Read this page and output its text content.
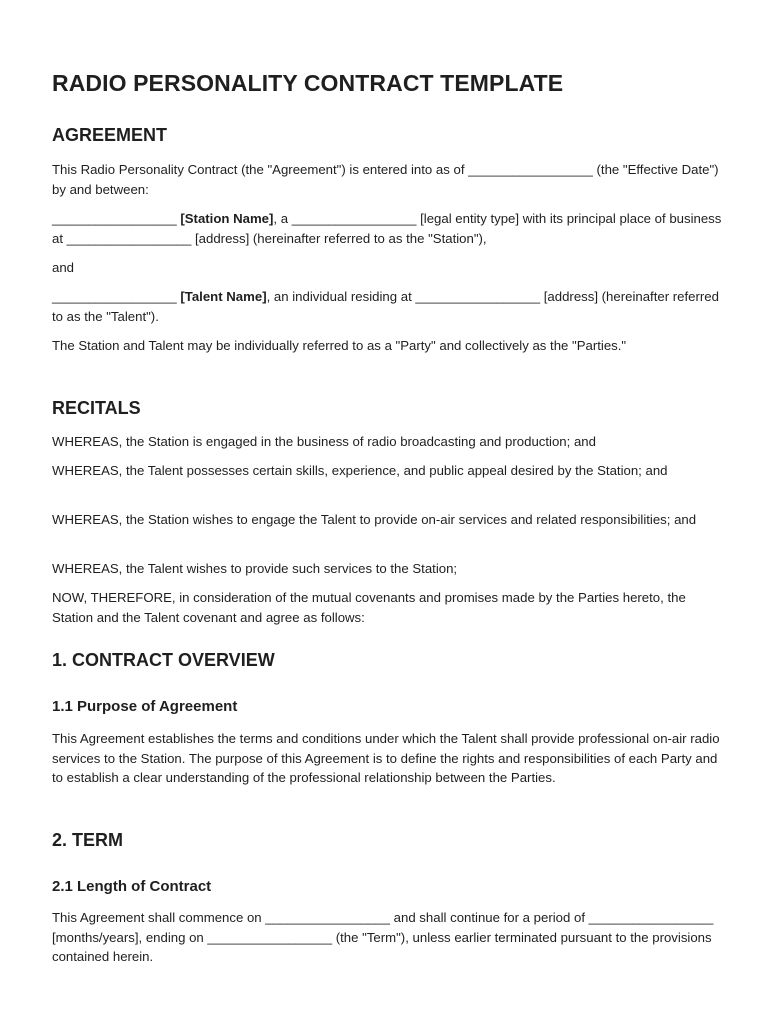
RADIO PERSONALITY CONTRACT TEMPLATE
AGREEMENT

This Radio Personality Contract (the "Agreement") is entered into as of _________________ (the "Effective Date") by and between:

_________________ [Station Name], a _________________ [legal entity type] with its principal place of business at _________________ [address] (hereinafter referred to as the "Station"),

and

_________________ [Talent Name], an individual residing at _________________ [address] (hereinafter referred to as the "Talent").

The Station and Talent may be individually referred to as a "Party" and collectively as the "Parties."

RECITALS

WHEREAS, the Station is engaged in the business of radio broadcasting and production; and

WHEREAS, the Talent possesses certain skills, experience, and public appeal desired by the Station; and

WHEREAS, the Station wishes to engage the Talent to provide on-air services and related responsibilities; and

WHEREAS, the Talent wishes to provide such services to the Station;

NOW, THEREFORE, in consideration of the mutual covenants and promises made by the Parties hereto, the Station and the Talent covenant and agree as follows:

1. CONTRACT OVERVIEW
1.1 Purpose of Agreement

This Agreement establishes the terms and conditions under which the Talent shall provide professional on-air radio services to the Station. The purpose of this Agreement is to define the rights and responsibilities of each Party and to establish a clear understanding of the professional relationship between the Parties.

2. TERM
2.1 Length of Contract

This Agreement shall commence on _________________ and shall continue for a period of _________________ [months/years], ending on _________________ (the "Term"), unless earlier terminated pursuant to the provisions contained herein.
